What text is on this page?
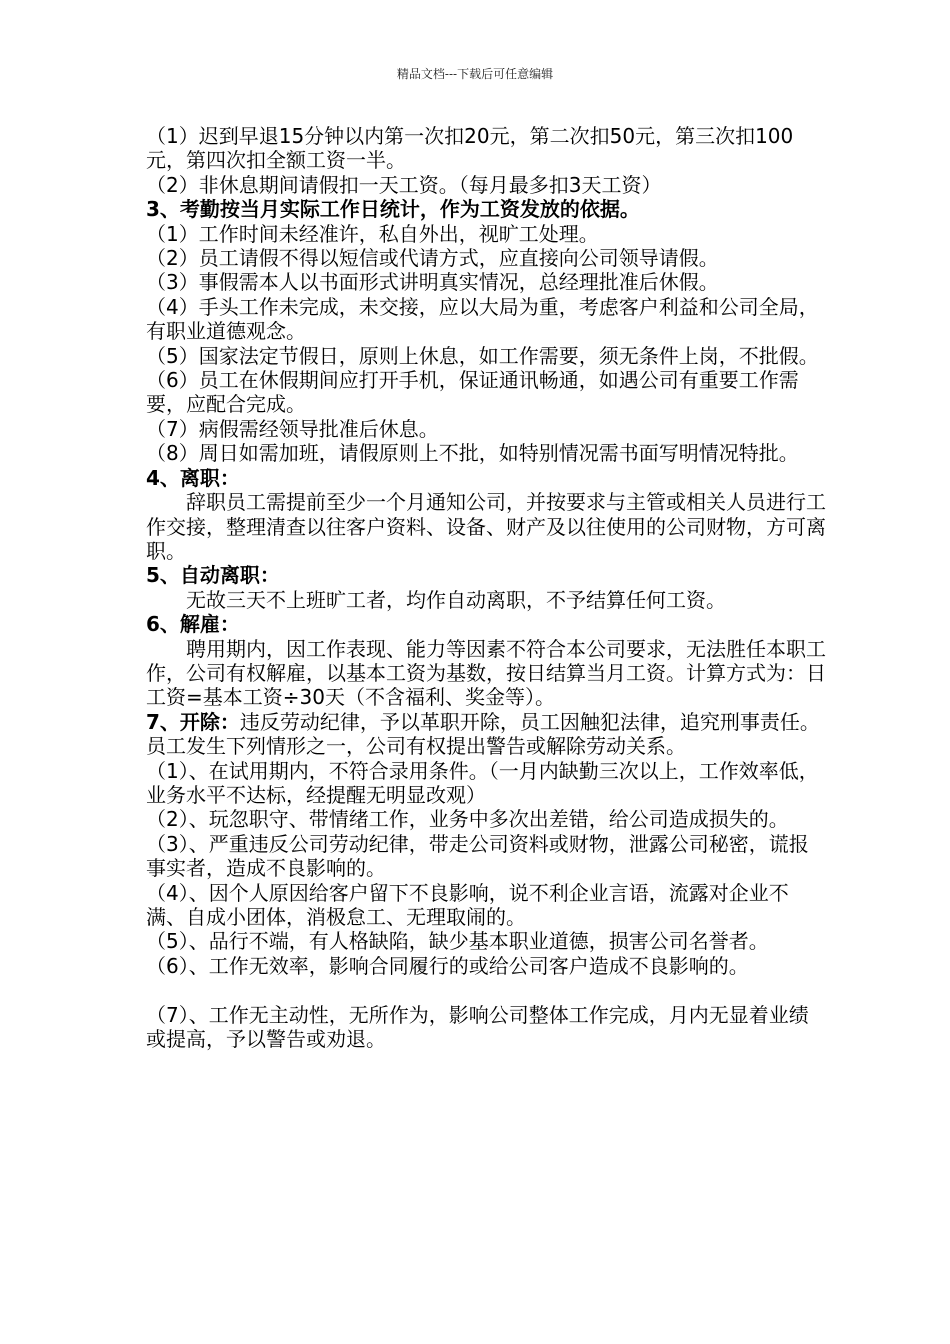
精品文档---下载后可任意编辑

（1）迟到早退15分钟以内第一次扣20元，第二次扣50元，第三次扣100元，第四次扣全额工资一半。

（2）非休息期间请假扣一天工资。（每月最多扣3天工资）

3、考勤按当月实际工作日统计，作为工资发放的依据。

（1）工作时间未经准许，私自外出，视旷工处理。

（2）员工请假不得以短信或代请方式，应直接向公司领导请假。

（3）事假需本人以书面形式讲明真实情况，总经理批准后休假。

（4）手头工作未完成，未交接，应以大局为重，考虑客户利益和公司全局，有职业道德观念。

（5）国家法定节假日，原则上休息，如工作需要，须无条件上岗，不批假。

（6）员工在休假期间应打开手机，保证通讯畅通，如遇公司有重要工作需要，应配合完成。

（7）病假需经领导批准后休息。

（8）周日如需加班，请假原则上不批，如特别情况需书面写明情况特批。

4、离职：

辞职员工需提前至少一个月通知公司，并按要求与主管或相关人员进行工作交接，整理清查以往客户资料、设备、财产及以往使用的公司财物，方可离职。

5、自动离职：

无故三天不上班旷工者，均作自动离职，不予结算任何工资。

6、解雇：

聘用期内，因工作表现、能力等因素不符合本公司要求，无法胜任本职工作，公司有权解雇，以基本工资为基数，按日结算当月工资。计算方式为：日工资=基本工资÷30天（不含福利、奖金等）。

7、开除：违反劳动纪律，予以革职开除，员工因触犯法律，追究刑事责任。

员工发生下列情形之一，公司有权提出警告或解除劳动关系。

（1）、在试用期内，不符合录用条件。（一月内缺勤三次以上，工作效率低，业务水平不达标，经提醒无明显改观）

（2）、玩忽职守、带情绪工作，业务中多次出差错，给公司造成损失的。

（3）、严重违反公司劳动纪律，带走公司资料或财物，泄露公司秘密，谎报事实者，造成不良影响的。

（4）、因个人原因给客户留下不良影响，说不利企业言语，流露对企业不满、自成小团体，消极怠工、无理取闹的。

（5）、品行不端，有人格缺陷，缺少基本职业道德，损害公司名誉者。

（6）、工作无效率，影响合同履行的或给公司客户造成不良影响的。

（7）、工作无主动性，无所作为，影响公司整体工作完成，月内无显着业绩或提高，予以警告或劝退。
